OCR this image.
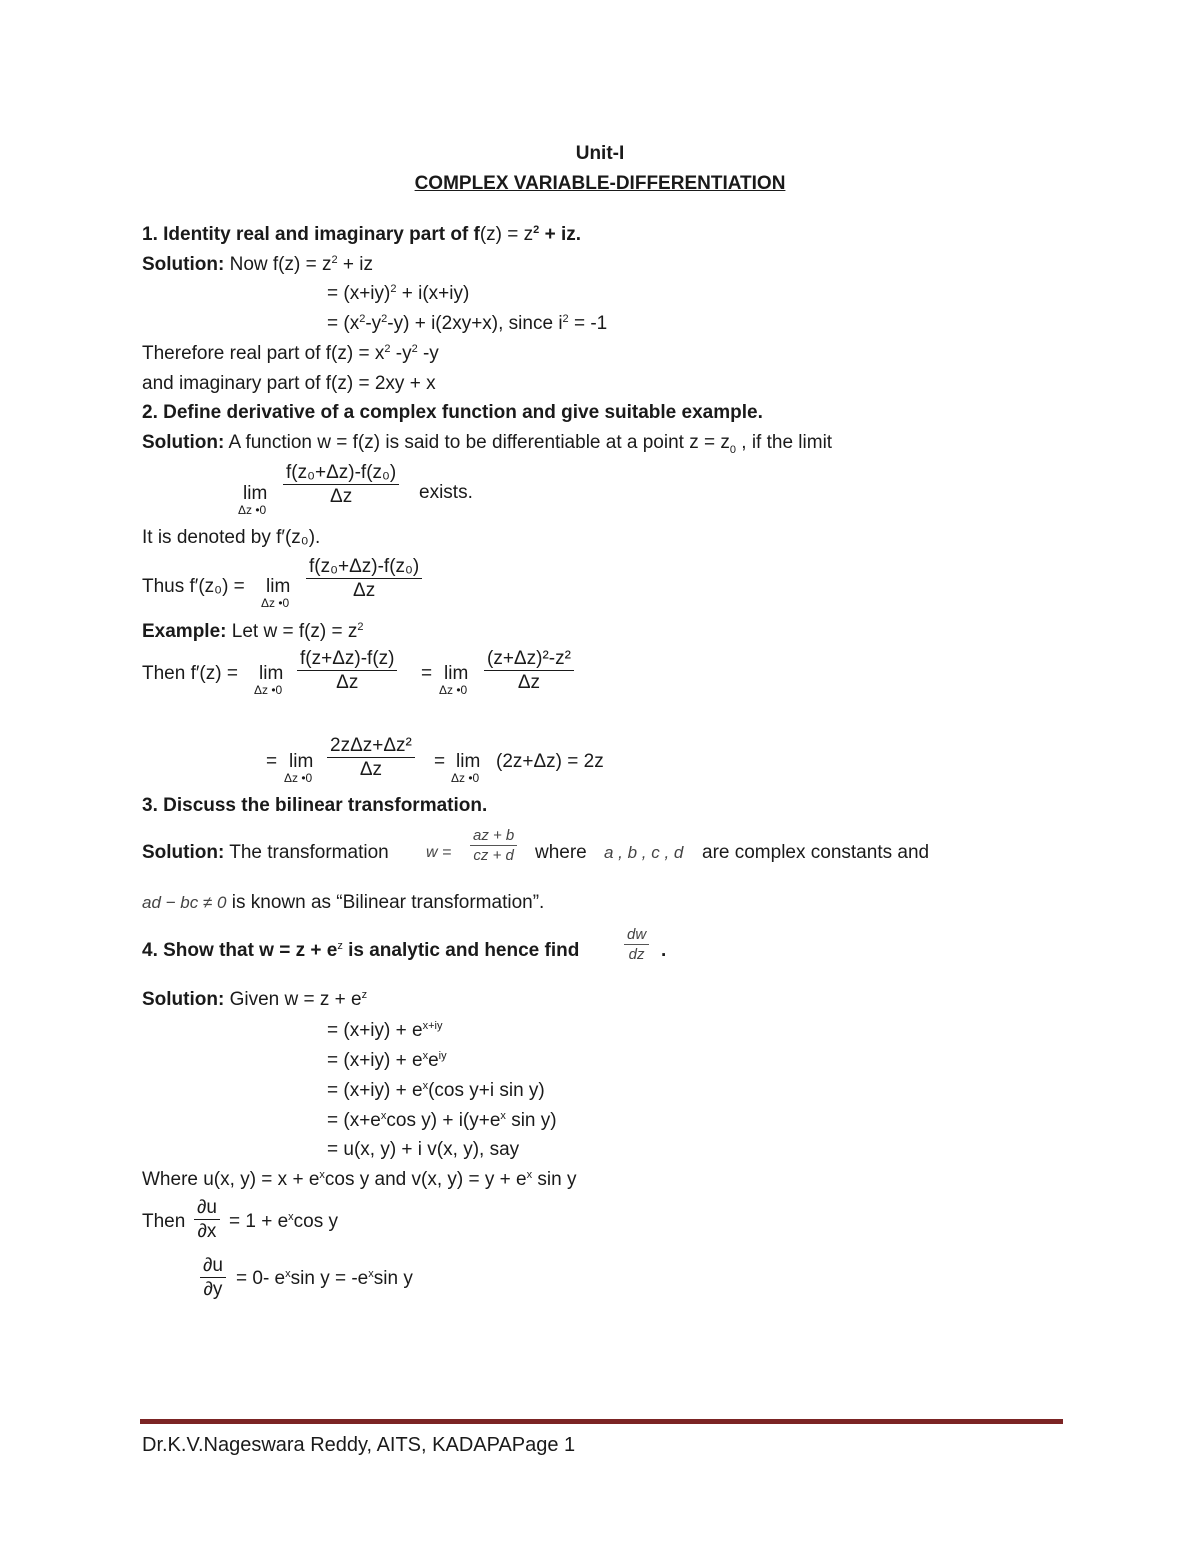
Unit-I
COMPLEX VARIABLE-DIFFERENTIATION
1. Identity real and imaginary part of $f(z) = z^2$ + iz.
Solution: Now $f(z) = z^2$ + iz
= $(x+iy)^2 + i(x+iy)$
= $(x^2-y^2-y) + i(2xy+x)$, since $i^2 = -1$
Therefore real part of $f(z) = x^2$ $-y^2$ -y
and imaginary part of f(z) = 2xy + x
2. Define derivative of a complex function and give suitable example.
Solution: A function w = f(z) is said to be differentiable at a point $z = z_0$ , if the limit
lim
Δz •0
$\frac{\text{f(z₀+Δz)-f(z₀)}}{\Delta z}$ exists.
It is denoted by f′(z₀).
Thus f′(z₀) = lim
Δz •0 $\frac{\text{f(z₀+Δz)-f(z₀)}}{\Delta z}$
Example: Let $w = f(z) = z^2$
Then f′(z) = lim
Δz •0 $\frac{f(z+\Delta z)-f(z)}{\Delta z} = \lim$
Δz •0 $\frac{\text{(z+Δz)²-z²}}{\Delta z}$
= lim
Δz •0
2zΔz+Δz²
Δz	= lim
Δz •0
(2z+Δz) = 2z
3. Discuss the bilinear transformation.
Solution: The transformation $w = \frac{az + b}{cz + d}$ where a , b , c , d are complex constants and
ad − bc ≠ 0 is known as “Bilinear transformation”.
4. Show that $w = z + e^z$ is analytic and hence find	$\frac{dw}{dz}$ .
Solution: Given $w = z + e^z$
= $(x+iy) + e^{x+iy}$
= $(x+iy) + e^xe^{iy}$
= $(x+iy) + e^x(\cos$ y+i sin y)
= ($x+e^x\cos$ $y) + i(y+e^x$ sin y)
= u(x, y) + i v(x, y), say
Where u(x, $y) = x + e^x\cos$ y and v(x, $y) = y + e^x$ sin y
Then $\frac{\partial u}{\partial x} = 1 + e^x\cos$ y
$\frac{\partial u}{\partial y} = 0-$ $e^x\sin$ $y = -e^x\sin$ y
Dr.K.V.Nageswara Reddy, AITS, KADAPAPage 1
